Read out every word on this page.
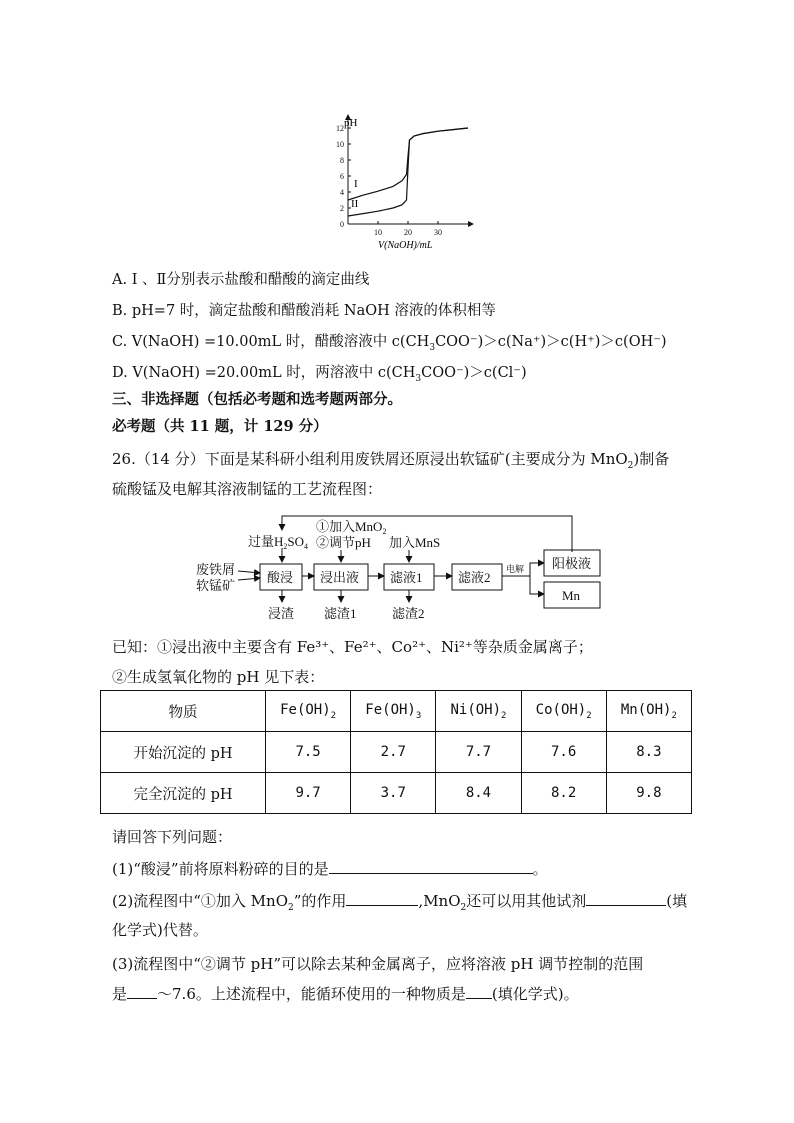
0
2
4
6
8
10
12
10	20	30
pH
V(NaOH)/mL
I
II
A. Ⅰ 、Ⅱ分别表示盐酸和醋酸的滴定曲线
B. pH=7 时，滴定盐酸和醋酸消耗 NaOH 溶液的体积相等
C. V(NaOH) =10.00mL 时，醋酸溶液中 $c(CH_3COO^-)>c(Na^+)>c(H^+)>c(OH^-)$
D. V(NaOH) =20.00mL 时，两溶液中 $c(CH_3COO^-)>c(Cl^-)$
三、非选择题（包括必考题和选考题两部分。
必考题（共 11 题，计 129 分）
26.（14 分）下面是某科研小组利用废铁屑还原浸出软锰矿(主要成分为 MnO$_2$)制备
硫酸锰及电解其溶液制锰的工艺流程图：
废铁屑
软锰矿
过量$H_2SO_4$
①加入MnO$_2$
②调节pH 加入MnS
酸浸 浸出液 滤液1	滤液2
阳极液
Mn
电解
浸渣 滤渣1	滤渣2
已知：①浸出液中主要含有 Fe³⁺、Fe²⁺、Co²⁺、Ni²⁺等杂质金属离子；
②生成氢氧化物的 pH 见下表：
物质	$Fe(OH)_2$	$Fe(OH)_3$	$Ni(OH)_2$	$Co(OH)_2$	$Mn(OH)_2$
开始沉淀的 pH	7.5	2.7	7.7	7.6	8.3
完全沉淀的 pH	9.7	3.7	8.4	8.2	9.8
请回答下列问题：
(1)“酸浸”前将原料粉碎的目的是	。
(2)流程图中“①加入 MnO$_2$”的作用	,MnO$_2$还可以用其他试剂	(填
化学式)代替。
(3)流程图中“②调节 pH”可以除去某种金属离子，应将溶液 pH 调节控制的范围
是 ～7.6。上述流程中，能循环使用的一种物质是 (填化学式)。
